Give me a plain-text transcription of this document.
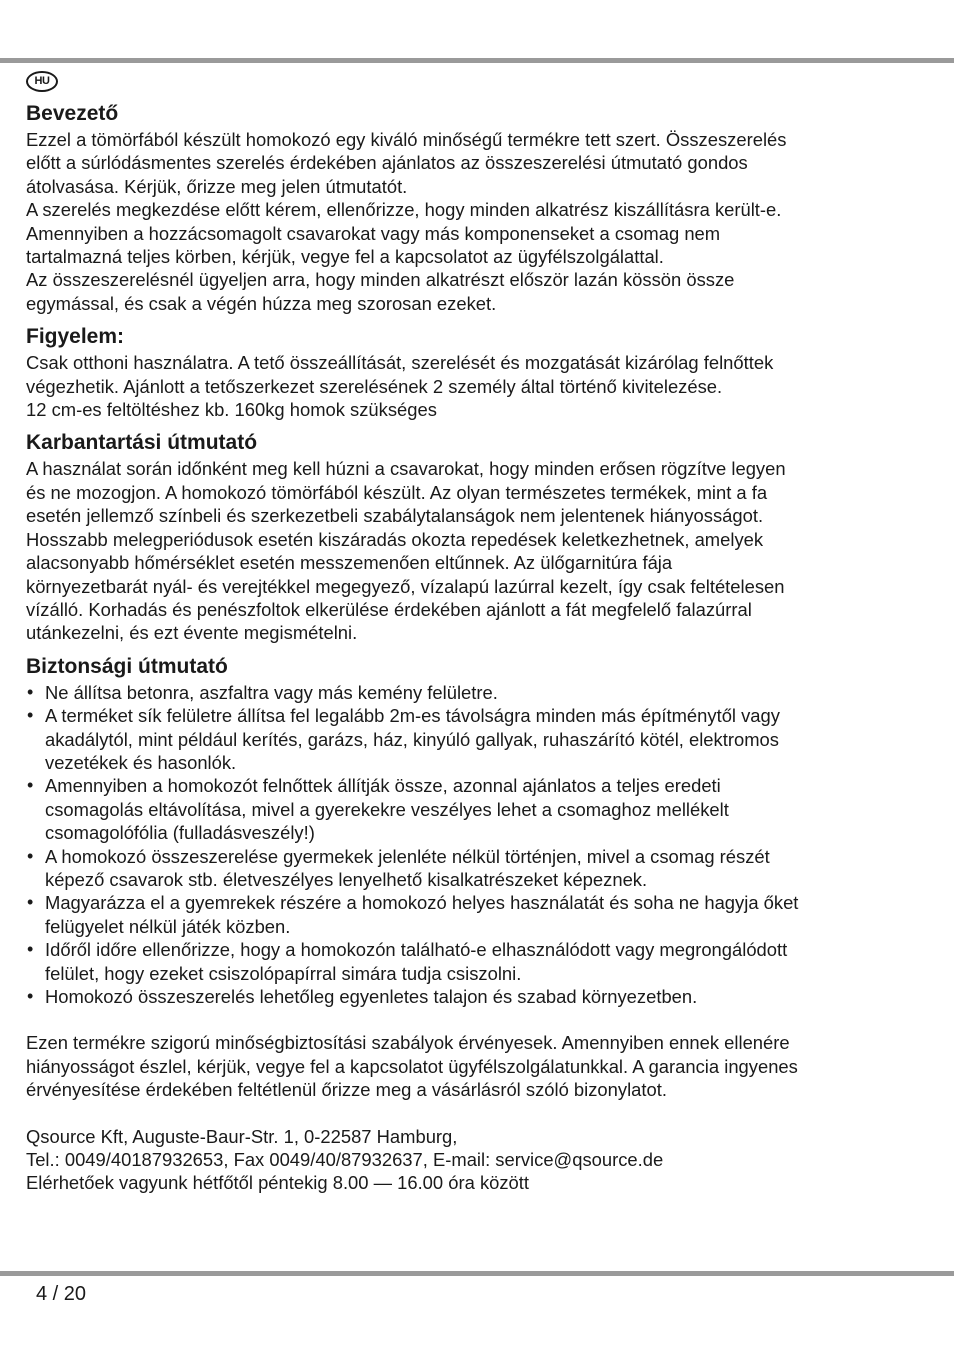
HU
Bevezető
Ezzel a tömörfából készült homokozó egy kiváló minőségű termékre tett szert. Összeszerelés
előtt a súrlódásmentes szerelés érdekében ajánlatos az összeszerelési útmutató gondos
átolvasása. Kérjük, őrizze meg jelen útmutatót.
A szerelés megkezdése előtt kérem, ellenőrizze, hogy minden alkatrész kiszállításra került-e.
Amennyiben a hozzácsomagolt csavarokat vagy más komponenseket a csomag nem
tartalmazná teljes körben, kérjük, vegye fel a kapcsolatot az ügyfélszolgálattal.
Az összeszerelésnél ügyeljen arra, hogy minden alkatrészt először lazán kössön össze
egymással, és csak a végén húzza meg szorosan ezeket.
Figyelem:
Csak otthoni használatra. A tető összeállítását, szerelését és mozgatását kizárólag felnőttek
végezhetik. Ajánlott a tetőszerkezet szerelésének 2 személy által történő kivitelezése.
12 cm-es feltöltéshez kb. 160kg homok szükséges
Karbantartási útmutató
A használat során időnként meg kell húzni a csavarokat, hogy minden erősen rögzítve legyen
és ne mozogjon. A homokozó tömörfából készült. Az olyan természetes termékek, mint a fa
esetén jellemző színbeli és szerkezetbeli szabálytalanságok nem jelentenek hiányosságot.
Hosszabb melegperiódusok esetén kiszáradás okozta repedések keletkezhetnek, amelyek
alacsonyabb hőmérséklet esetén messzemenően eltűnnek. Az ülőgarnitúra fája
környezetbarát nyál- és verejtékkel megegyező, vízalapú lazúrral kezelt, így csak feltételesen
vízálló. Korhadás és penészfoltok elkerülése érdekében ajánlott a fát megfelelő falazúrral
utánkezelni, és ezt évente megismételni.
Biztonsági útmutató
• Ne állítsa betonra, aszfaltra vagy más kemény felületre.
• A terméket sík felületre állítsa fel legalább 2m-es távolságra minden más építménytől vagy
akadálytól, mint például kerítés, garázs, ház, kinyúló gallyak, ruhaszárító kötél, elektromos
vezetékek és hasonlók.
• Amennyiben a homokozót felnőttek állítják össze, azonnal ajánlatos a teljes eredeti
csomagolás eltávolítása, mivel a gyerekekre veszélyes lehet a csomaghoz mellékelt
csomagolófólia (fulladásveszély!)
• A homokozó összeszerelése gyermekek jelenléte nélkül történjen, mivel a csomag részét
képező csavarok stb. életveszélyes lenyelhető kisalkatrészeket képeznek.
• Magyarázza el a gyemrekek részére a homokozó helyes használatát és soha ne hagyja őket
felügyelet nélkül játék közben.
• Időről időre ellenőrizze, hogy a homokozón található-e elhasználódott vagy megrongálódott
felület, hogy ezeket csiszolópapírral simára tudja csiszolni.
• Homokozó összeszerelés lehetőleg egyenletes talajon és szabad környezetben.
Ezen termékre szigorú minőségbiztosítási szabályok érvényesek. Amennyiben ennek ellenére
hiányosságot észlel, kérjük, vegye fel a kapcsolatot ügyfélszolgálatunkkal. A garancia ingyenes
érvényesítése érdekében feltétlenül őrizze meg a vásárlásról szóló bizonylatot.
Qsource Kft, Auguste-Baur-Str. 1, 0-22587 Hamburg,
Tel.: 0049/40187932653, Fax 0049/40/87932637, E-mail: service@qsource.de
Elérhetőek vagyunk hétfőtől péntekig 8.00 — 16.00 óra között
4 / 20
